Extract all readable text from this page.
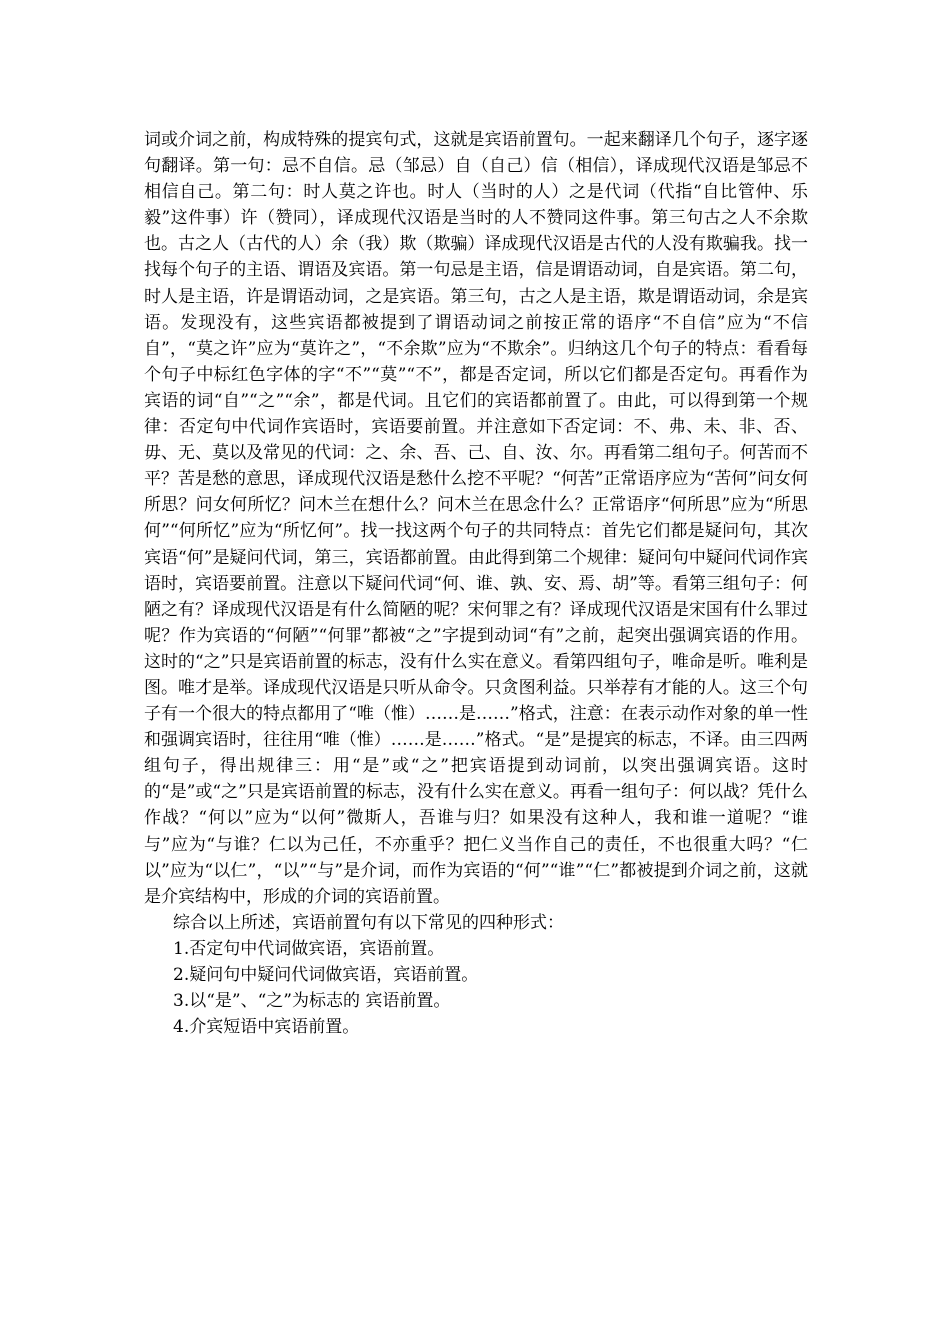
词或介词之前，构成特殊的提宾句式，这就是宾语前置句。一起来翻译几个句子，逐字逐句翻译。第一句：忌不自信。忌（邹忌）自（自己）信（相信），译成现代汉语是邹忌不相信自己。第二句：时人莫之许也。时人（当时的人）之是代词（代指“自比管仲、乐毅”这件事）许（赞同），译成现代汉语是当时的人不赞同这件事。第三句古之人不余欺也。古之人（古代的人）余（我）欺（欺骗）译成现代汉语是古代的人没有欺骗我。找一找每个句子的主语、谓语及宾语。第一句忌是主语，信是谓语动词，自是宾语。第二句，时人是主语，许是谓语动词，之是宾语。第三句，古之人是主语，欺是谓语动词，余是宾语。发现没有，这些宾语都被提到了谓语动词之前按正常的语序“不自信”应为“不信自”，“莫之许”应为“莫许之”，“不余欺”应为“不欺余”。归纳这几个句子的特点：看看每个句子中标红色字体的字“不”“莫”“不”，都是否定词，所以它们都是否定句。再看作为宾语的词“自”“之”“余”，都是代词。且它们的宾语都前置了。由此，可以得到第一个规律：否定句中代词作宾语时，宾语要前置。并注意如下否定词：不、弗、未、非、否、毋、无、莫以及常见的代词：之、余、吾、己、自、汝、尔。再看第二组句子。何苦而不平？苦是愁的意思，译成现代汉语是愁什么挖不平呢？“何苦”正常语序应为“苦何”问女何所思？问女何所忆？问木兰在想什么？问木兰在思念什么？正常语序“何所思”应为“所思何”“何所忆”应为“所忆何”。找一找这两个句子的共同特点：首先它们都是疑问句，其次宾语“何”是疑问代词，第三，宾语都前置。由此得到第二个规律：疑问句中疑问代词作宾语时，宾语要前置。注意以下疑问代词“何、谁、孰、安、焉、胡”等。看第三组句子：何陋之有？译成现代汉语是有什么简陋的呢？宋何罪之有？译成现代汉语是宋国有什么罪过呢？作为宾语的“何陋”“何罪”都被“之”字提到动词“有”之前，起突出强调宾语的作用。这时的“之”只是宾语前置的标志，没有什么实在意义。看第四组句子，唯命是听。唯利是图。唯才是举。译成现代汉语是只听从命令。只贪图利益。只举荐有才能的人。这三个句子有一个很大的特点都用了“唯（惟）……是……”格式，注意：在表示动作对象的单一性和强调宾语时，往往用“唯（惟）……是……”格式。“是”是提宾的标志，不译。由三四两组句子，得出规律三：用“是”或“之”把宾语提到动词前，以突出强调宾语。这时的“是”或“之”只是宾语前置的标志，没有什么实在意义。再看一组句子：何以战？凭什么作战？“何以”应为“以何”微斯人，吾谁与归？如果没有这种人，我和谁一道呢？“谁与”应为“与谁？仁以为己任，不亦重乎？把仁义当作自己的责任，不也很重大吗？“仁以”应为“以仁”，“以”“与”是介词，而作为宾语的“何”“谁”“仁”都被提到介词之前，这就是介宾结构中，形成的介词的宾语前置。

综合以上所述，宾语前置句有以下常见的四种形式：

1.否定句中代词做宾语，宾语前置。
2.疑问句中疑问代词做宾语，宾语前置。
3.以“是”、“之”为标志的 宾语前置。
4.介宾短语中宾语前置。
